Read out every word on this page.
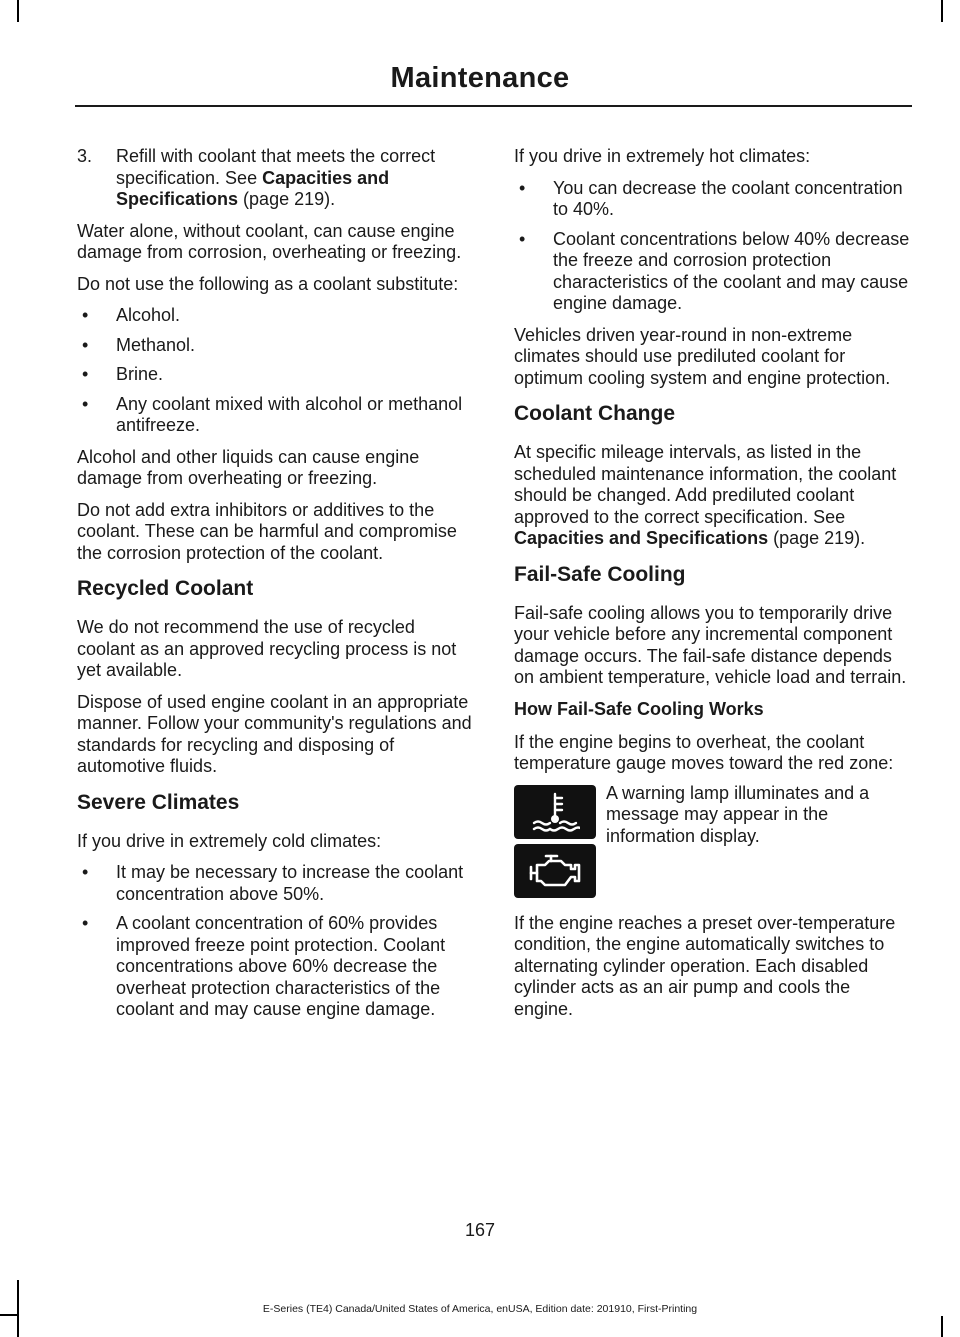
Maintenance
3.	Refill with coolant that meets the correct specification. See Capacities and Specifications (page 219).

Water alone, without coolant, can cause engine damage from corrosion, overheating or freezing.

Do not use the following as a coolant substitute:

• Alcohol.
• Methanol.
• Brine.
• Any coolant mixed with alcohol or methanol antifreeze.

Alcohol and other liquids can cause engine damage from overheating or freezing.

Do not add extra inhibitors or additives to the coolant. These can be harmful and compromise the corrosion protection of the coolant.

Recycled Coolant

We do not recommend the use of recycled coolant as an approved recycling process is not yet available.

Dispose of used engine coolant in an appropriate manner. Follow your community's regulations and standards for recycling and disposing of automotive fluids.

Severe Climates

If you drive in extremely cold climates:

• It may be necessary to increase the coolant concentration above 50%.
• A coolant concentration of 60% provides improved freeze point protection. Coolant concentrations above 60% decrease the overheat protection characteristics of the coolant and may cause engine damage.

If you drive in extremely hot climates:

• You can decrease the coolant concentration to 40%.
• Coolant concentrations below 40% decrease the freeze and corrosion protection characteristics of the coolant and may cause engine damage.

Vehicles driven year-round in non-extreme climates should use prediluted coolant for optimum cooling system and engine protection.

Coolant Change

At specific mileage intervals, as listed in the scheduled maintenance information, the coolant should be changed. Add prediluted coolant approved to the correct specification. See Capacities and Specifications (page 219).

Fail-Safe Cooling

Fail-safe cooling allows you to temporarily drive your vehicle before any incremental component damage occurs. The fail-safe distance depends on ambient temperature, vehicle load and terrain.

How Fail-Safe Cooling Works

If the engine begins to overheat, the coolant temperature gauge moves toward the red zone:

A warning lamp illuminates and a message may appear in the information display.

If the engine reaches a preset over-temperature condition, the engine automatically switches to alternating cylinder operation. Each disabled cylinder acts as an air pump and cools the engine.

167
E-Series (TE4) Canada/United States of America, enUSA, Edition date: 201910, First-Printing
